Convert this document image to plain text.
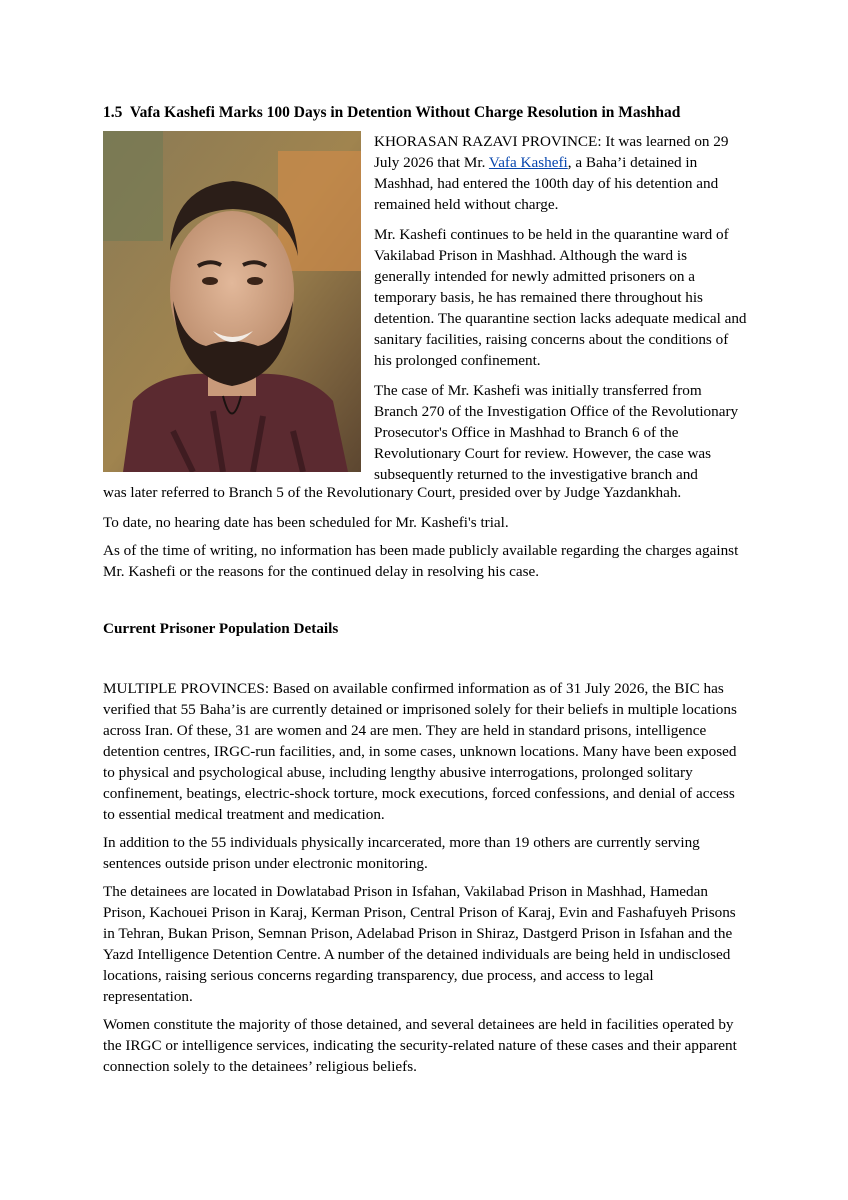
1.5 Vafa Kashefi Marks 100 Days in Detention Without Charge Resolution in Mashhad

KHORASAN RAZAVI PROVINCE: It was learned on 29 July 2026 that Mr. Vafa Kashefi, a Baha’i detained in Mashhad, had entered the 100th day of his detention and remained held without charge.

Mr. Kashefi continues to be held in the quarantine ward of Vakilabad Prison in Mashhad. Although the ward is generally intended for newly admitted prisoners on a temporary basis, he has remained there throughout his detention. The quarantine section lacks adequate medical and sanitary facilities, raising concerns about the conditions of his prolonged confinement.

The case of Mr. Kashefi was initially transferred from Branch 270 of the Investigation Office of the Revolutionary Prosecutor's Office in Mashhad to Branch 6 of the Revolutionary Court for review. However, the case was subsequently returned to the investigative branch and

was later referred to Branch 5 of the Revolutionary Court, presided over by Judge Yazdankhah.

To date, no hearing date has been scheduled for Mr. Kashefi's trial.

As of the time of writing, no information has been made publicly available regarding the charges against Mr. Kashefi or the reasons for the continued delay in resolving his case.

Current Prisoner Population Details

MULTIPLE PROVINCES: Based on available confirmed information as of 31 July 2026, the BIC has verified that 55 Baha’is are currently detained or imprisoned solely for their beliefs in multiple locations across Iran. Of these, 31 are women and 24 are men. They are held in standard prisons, intelligence detention centres, IRGC-run facilities, and, in some cases, unknown locations. Many have been exposed to physical and psychological abuse, including lengthy abusive interrogations, prolonged solitary confinement, beatings, electric-shock torture, mock executions, forced confessions, and denial of access to essential medical treatment and medication.

In addition to the 55 individuals physically incarcerated, more than 19 others are currently serving sentences outside prison under electronic monitoring.

The detainees are located in Dowlatabad Prison in Isfahan, Vakilabad Prison in Mashhad, Hamedan Prison, Kachouei Prison in Karaj, Kerman Prison, Central Prison of Karaj, Evin and Fashafuyeh Prisons in Tehran, Bukan Prison, Semnan Prison, Adelabad Prison in Shiraz, Dastgerd Prison in Isfahan and the Yazd Intelligence Detention Centre. A number of the detained individuals are being held in undisclosed locations, raising serious concerns regarding transparency, due process, and access to legal representation.

Women constitute the majority of those detained, and several detainees are held in facilities operated by the IRGC or intelligence services, indicating the security-related nature of these cases and their apparent connection solely to the detainees’ religious beliefs.
